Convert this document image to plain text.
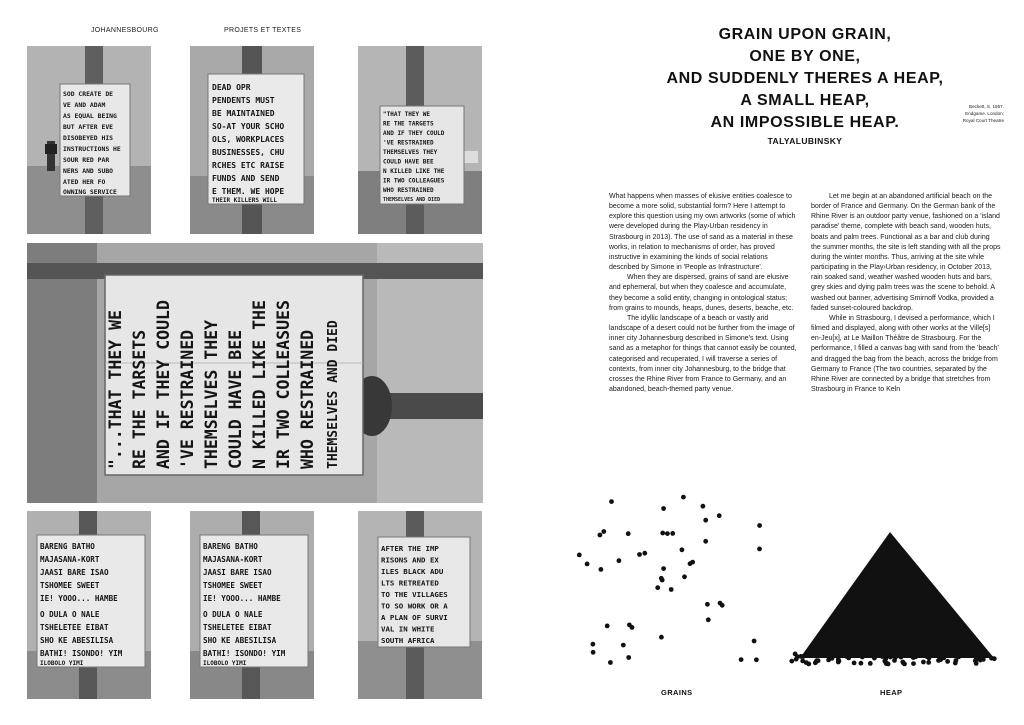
JOHANNESBOURG	PROJETS ET TEXTES
SOD CREATE DE
VE AND ADAM
AS EQUAL BEING
BUT AFTER EVE
DISOBEYED HIS
INSTRUCTIONS HE
SOUR RED PAR
NERS AND SUBO
ATED HER FO
OWNING SERVICE
DEAD OPR
PENDENTS MUST
BE MAINTAINED
SO-AT YOUR SCHO
OLS, WORKPLACES
BUSINESSES, CHU
RCHES ETC RAISE
FUNDS AND SEND
E THEM. WE HOPE
THEIR KILLERS WILL
"THAT THEY WE
RE THE TARGETS
AND IF THEY COULD
'VE RESTRAINED
THEMSELVES THEY
COULD HAVE BEE
N KILLED LIKE THE
IR TWO COLLEAGUES
WHO RESTRAINED
THEMSELVES AND DIED
"...THAT THEY WE RE THE TARSETS AND IF THEY COULD 'VE RESTRAINED THEMSELVES THEY COULD HAVE BEE N KILLED LIKE THE IR TWO COLLEASUES WHO RESTRAINED THEMSELVES AND DIED
BARENG BATHO
MAJASANA-KORT
JAASI BARE ISAO
TSHOMEE SWEET
IE! YOOO... HAMBE
O DULA O NALE
TSHELETEE EIBAT
SHO KE ABESILISA
BATHI! ISONDO! YIM
ILOBOLO YIMI
BARENG BATHO
MAJASANA-KORT
JAASI BARE ISAO
TSHOMEE SWEET
IE! YOOO... HAMBE
O DULA O NALE
TSHELETEE EIBAT
SHO KE ABESILISA
BATHI! ISONDO! YIM
ILOBOLO YIMI
AFTER THE IMP
RISONS AND EX
ILES BLACK ADU
LTS RETREATED
TO THE VILLAGES
TO SO WORK OR A
A PLAN OF SURVI
VAL IN WHITE
SOUTH AFRICA
GRAIN UPON GRAIN,
ONE BY ONE,
AND SUDDENLY THERES A HEAP,
A SMALL HEAP,
AN IMPOSSIBLE HEAP.
Beckett, S. 1957.
Endgame. London:
Royal Court Theatre
TALYALUBINSKY

What happens when masses of elusive entities coalesce to become a more solid, substantial form? Here I attempt to explore this question using my own artworks (some of which were developed during the Play›Urban residency in Strasbourg in 2013). The use of sand as a material in these works, in relation to mechanisms of order, has proved instructive in examining the kinds of social relations described by Simone in 'People as Infrastructure'.

When they are dispersed, grains of sand are elusive and ephemeral, but when they coalesce and accumulate, they become a solid entity, changing in ontological status; from grains to mounds, heaps, dunes, deserts, beache, etc.

The idyllic landscape of a beach or vastly arid landscape of a desert could not be further from the image of inner city Johannesburg described in Simone's text. Using sand as a metaphor for things that cannot easily be counted, categorised and recuperated, I will traverse a series of contexts, from inner city Johannesburg, to the bridge that crosses the Rhine River from France to Germany, and an abandoned, beach-themed party venue.

Let me begin at an abandoned artificial beach on the border of France and Germany. On the German bank of the Rhine River is an outdoor party venue, fashioned on a 'island paradise' theme, complete with beach sand, wooden huts, boats and palm trees. Functional as a bar and club during the summer months, the site is left standing with all the props during the winter months. Thus, arriving at the site while participating in the Play›Urban residency, in October 2013, rain soaked sand, weather washed wooden huts and bars, grey skies and dying palm trees was the scene to behold. A washed out banner, advertising Smirnoff Vodka, provided a faded sunset-coloured backdrop.

While in Strasbourg, I devised a performance, which I filmed and displayed, along with other works at the Ville[s] en-Jeu[x], at Le Maillon Théâtre de Strasbourg. For the performance, I filled a canvas bag with sand from the 'beach' and dragged the bag from the beach, across the bridge from Germany to France (The two countries, separated by the Rhine River are connected by a bridge that stretches from Strasbourg in France to Keln

GRAINS	HEAP
